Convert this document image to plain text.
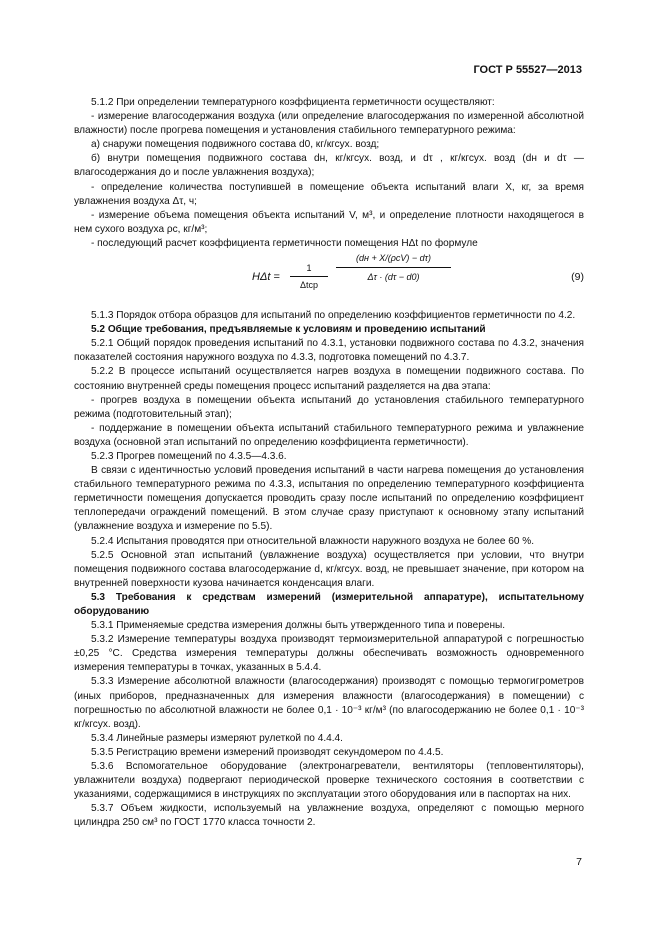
ГОСТ Р 55527—2013

5.1.2 При определении температурного коэффициента герметичности осуществляют:

- измерение влагосодержания воздуха (или определение влагосодержания по измеренной абсолютной влажности) после прогрева помещения и установления стабильного температурного режима:

а) снаружи помещения подвижного состава d0, кг/кгсух. возд;

б) внутри помещения подвижного состава dн, кг/кгсух. возд, и dτ , кг/кгсух. возд (dн и dτ — влагосодержания до и после увлажнения воздуха);

- определение количества поступившей в помещение объекта испытаний влаги X, кг, за время увлажнения воздуха Δτ, ч;

- измерение объема помещения объекта испытаний V, м³, и определение плотности находящегося в нем сухого воздуха ρс, кг/м³;

- последующий расчет коэффициента герметичности помещения HΔt по формуле

HΔt =
1
Δtср
(dн + X/(ρсV) − dτ)
Δτ · (dτ − d0)	(9)

5.1.3 Порядок отбора образцов для испытаний по определению коэффициентов герметичности по 4.2.

5.2 Общие требования, предъявляемые к условиям и проведению испытаний

5.2.1 Общий порядок проведения испытаний по 4.3.1, установки подвижного состава по 4.3.2, значения показателей состояния наружного воздуха по 4.3.3, подготовка помещений по 4.3.7.

5.2.2 В процессе испытаний осуществляется нагрев воздуха в помещении подвижного состава. По состоянию внутренней среды помещения процесс испытаний разделяется на два этапа:

- прогрев воздуха в помещении объекта испытаний до установления стабильного температурного режима (подготовительный этап);

- поддержание в помещении объекта испытаний стабильного температурного режима и увлажнение воздуха (основной этап испытаний по определению коэффициента герметичности).

5.2.3 Прогрев помещений по 4.3.5—4.3.6.

В связи с идентичностью условий проведения испытаний в части нагрева помещения до установления стабильного температурного режима по 4.3.3, испытания по определению температурного коэффициента герметичности помещения допускается проводить сразу после испытаний по определению коэффициент теплопередачи ограждений помещений. В этом случае сразу приступают к основному этапу испытаний (увлажнение воздуха и измерение по 5.5).

5.2.4 Испытания проводятся при относительной влажности наружного воздуха не более 60 %.

5.2.5 Основной этап испытаний (увлажнение воздуха) осуществляется при условии, что внутри помещения подвижного состава влагосодержание d, кг/кгсух. возд, не превышает значение, при котором на внутренней поверхности кузова начинается конденсация влаги.

5.3 Требования к средствам измерений (измерительной аппаратуре), испытательному оборудованию

5.3.1 Применяемые средства измерения должны быть утвержденного типа и поверены.

5.3.2 Измерение температуры воздуха производят термоизмерительной аппаратурой с погрешностью ±0,25 °С. Средства измерения температуры должны обеспечивать возможность одновременного измерения температуры в точках, указанных в 5.4.4.

5.3.3 Измерение абсолютной влажности (влагосодержания) производят с помощью термогигрометров (иных приборов, предназначенных для измерения влажности (влагосодержания) в помещении) с погрешностью по абсолютной влажности не более 0,1 · 10⁻³ кг/м³ (по влагосодержанию не более 0,1 · 10⁻³ кг/кгсух. возд).

5.3.4 Линейные размеры измеряют рулеткой по 4.4.4.

5.3.5 Регистрацию времени измерений производят секундомером по 4.4.5.

5.3.6 Вспомогательное оборудование (электронагреватели, вентиляторы (тепловентиляторы), увлажнители воздуха) подвергают периодической проверке технического состояния в соответствии с указаниями, содержащимися в инструкциях по эксплуатации этого оборудования или в паспортах на них.

5.3.7 Объем жидкости, используемый на увлажнение воздуха, определяют с помощью мерного цилиндра 250 см³ по ГОСТ 1770 класса точности 2.

7
